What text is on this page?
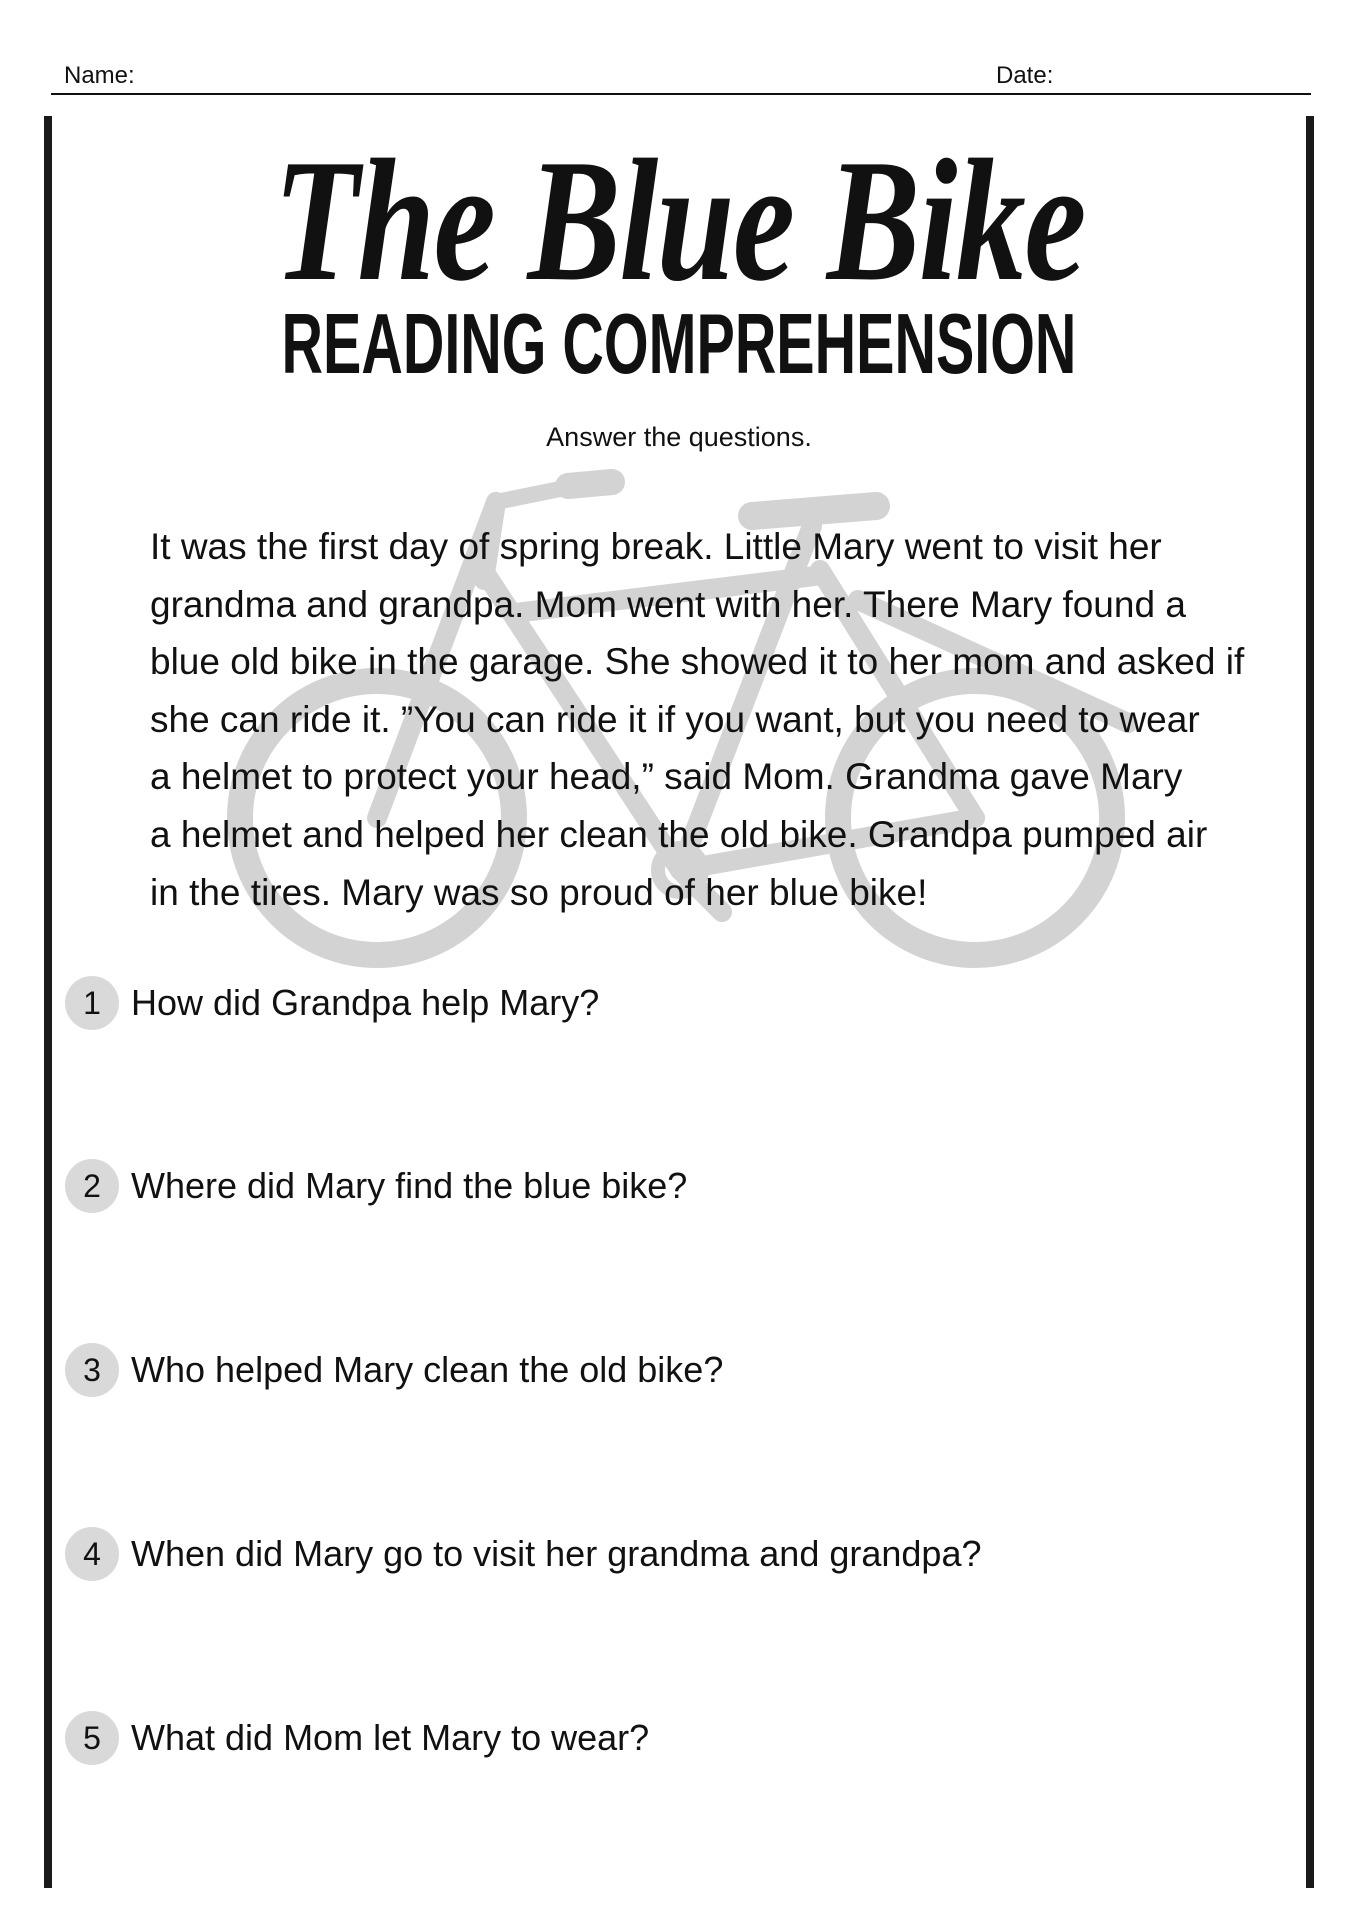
Name:	Date:
The Blue Bike
READING COMPREHENSION
Answer the questions.
It was the first day of spring break. Little Mary went to visit her
grandma and grandpa. Mom went with her. There Mary found a
blue old bike in the garage. She showed it to her mom and asked if
she can ride it. ”You can ride it if you want, but you need to wear
a helmet to protect your head,” said Mom. Grandma gave Mary
a helmet and helped her clean the old bike. Grandpa pumped air
in the tires. Mary was so proud of her blue bike!
1 How did Grandpa help Mary?
2 Where did Mary find the blue bike?
3 Who helped Mary clean the old bike?
4 When did Mary go to visit her grandma and grandpa?
5 What did Mom let Mary to wear?
